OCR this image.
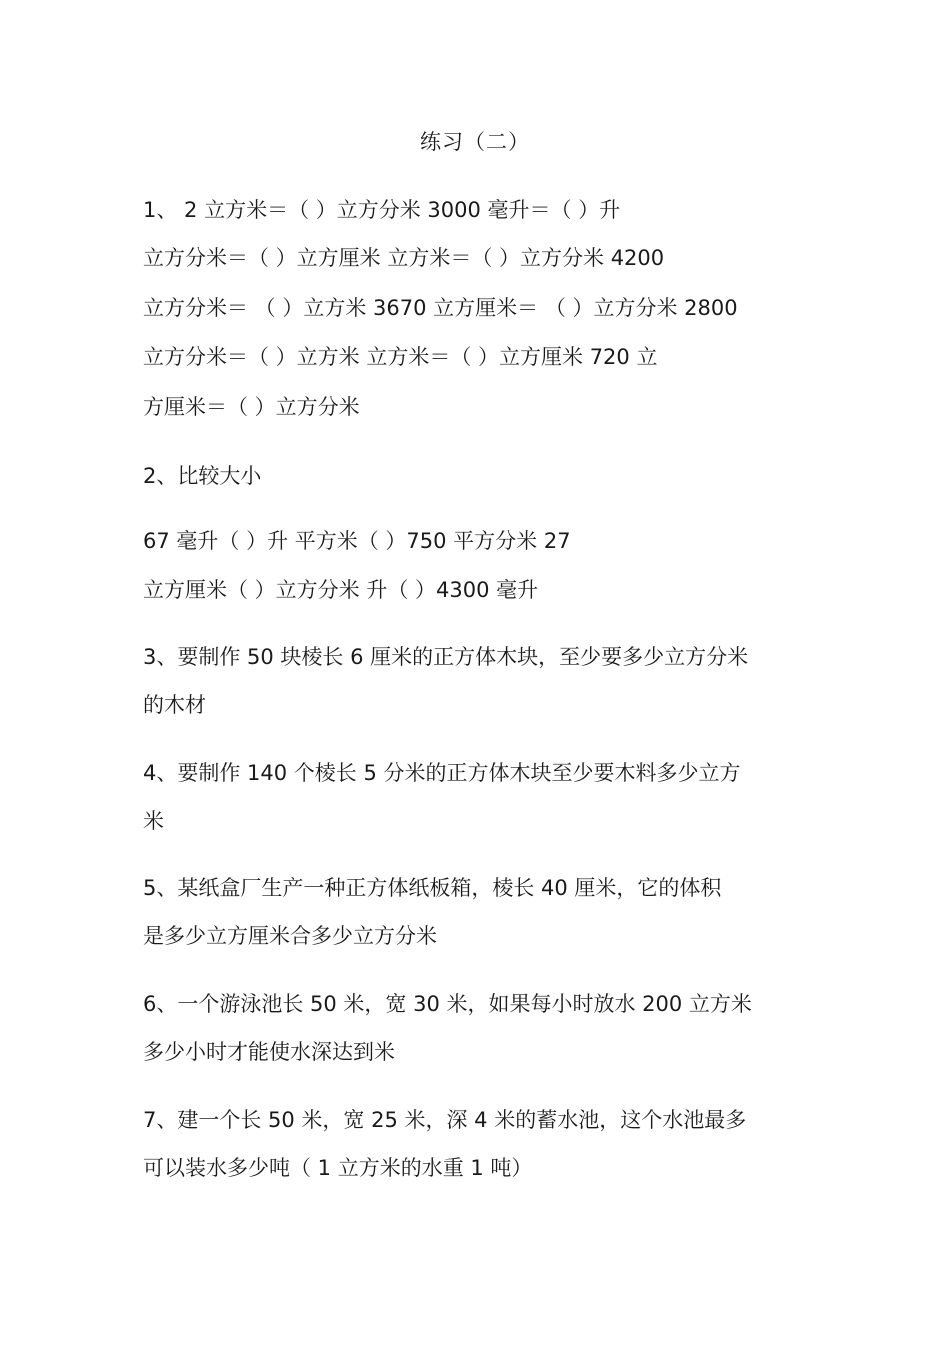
练习（二）
1、 2 立方米＝（ ）立方分米 3000 毫升＝（ ）升
立方分米＝（ ）立方厘米 立方米＝（ ）立方分米 4200
立方分米＝ （ ）立方米 3670 立方厘米＝ （ ）立方分米 2800
立方分米＝（ ）立方米 立方米＝（ ）立方厘米 720 立
方厘米＝（ ）立方分米
2、比较大小
67 毫升（ ）升 平方米（ ）750 平方分米 27
立方厘米（ ）立方分米 升（ ）4300 毫升
3、要制作 50 块棱长 6 厘米的正方体木块，至少要多少立方分米
的木材
4、要制作 140 个棱长 5 分米的正方体木块至少要木料多少立方
米
5、某纸盒厂生产一种正方体纸板箱，棱长 40 厘米，它的体积
是多少立方厘米合多少立方分米
6、一个游泳池长 50 米，宽 30 米，如果每小时放水 200 立方米
多少小时才能使水深达到米
7、建一个长 50 米，宽 25 米，深 4 米的蓄水池，这个水池最多
可以装水多少吨（ 1 立方米的水重 1 吨）
